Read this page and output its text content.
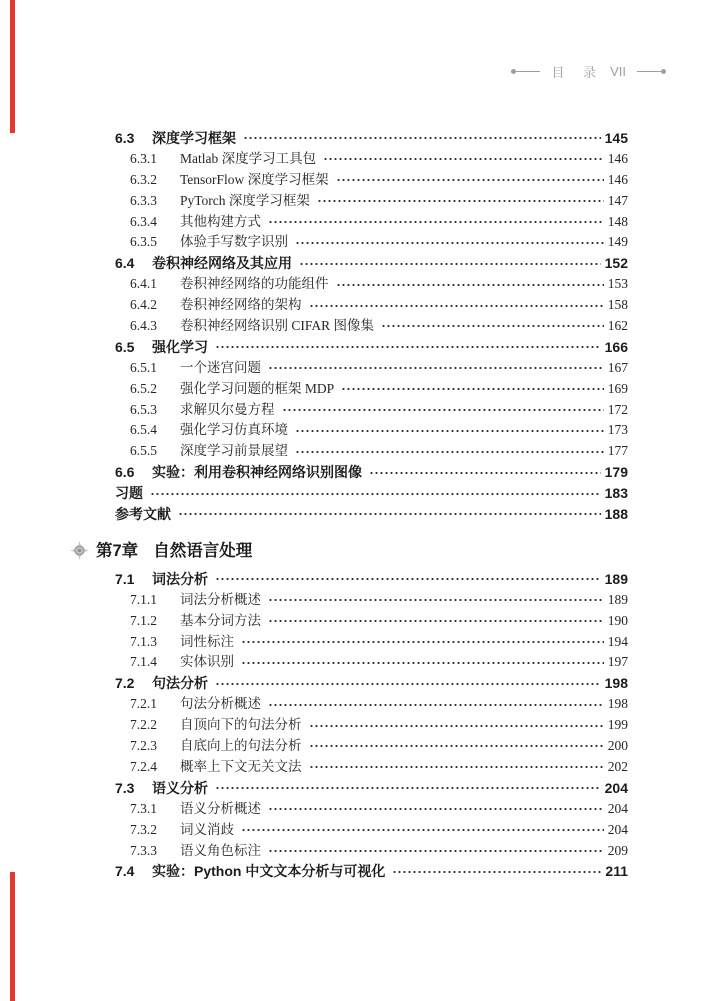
目 录 VII
6.3	深度学习框架	145
6.3.1	Matlab 深度学习工具包	146
6.3.2	TensorFlow 深度学习框架	146
6.3.3	PyTorch 深度学习框架	147
6.3.4	其他构建方式	148
6.3.5	体验手写数字识别	149
6.4	卷积神经网络及其应用	152
6.4.1	卷积神经网络的功能组件	153
6.4.2	卷积神经网络的架构	158
6.4.3	卷积神经网络识别 CIFAR 图像集	162
6.5	强化学习	166
6.5.1	一个迷宫问题	167
6.5.2	强化学习问题的框架 MDP	169
6.5.3	求解贝尔曼方程	172
6.5.4	强化学习仿真环境	173
6.5.5	深度学习前景展望	177
6.6	实验：利用卷积神经网络识别图像	179
习题	183
参考文献	188
第7章 自然语言处理
7.1	词法分析	189
7.1.1	词法分析概述	189
7.1.2	基本分词方法	190
7.1.3	词性标注	194
7.1.4	实体识别	197
7.2	句法分析	198
7.2.1	句法分析概述	198
7.2.2	自顶向下的句法分析	199
7.2.3	自底向上的句法分析	200
7.2.4	概率上下文无关文法	202
7.3	语义分析	204
7.3.1	语义分析概述	204
7.3.2	词义消歧	204
7.3.3	语义角色标注	209
7.4	实验：Python 中文文本分析与可视化	211
